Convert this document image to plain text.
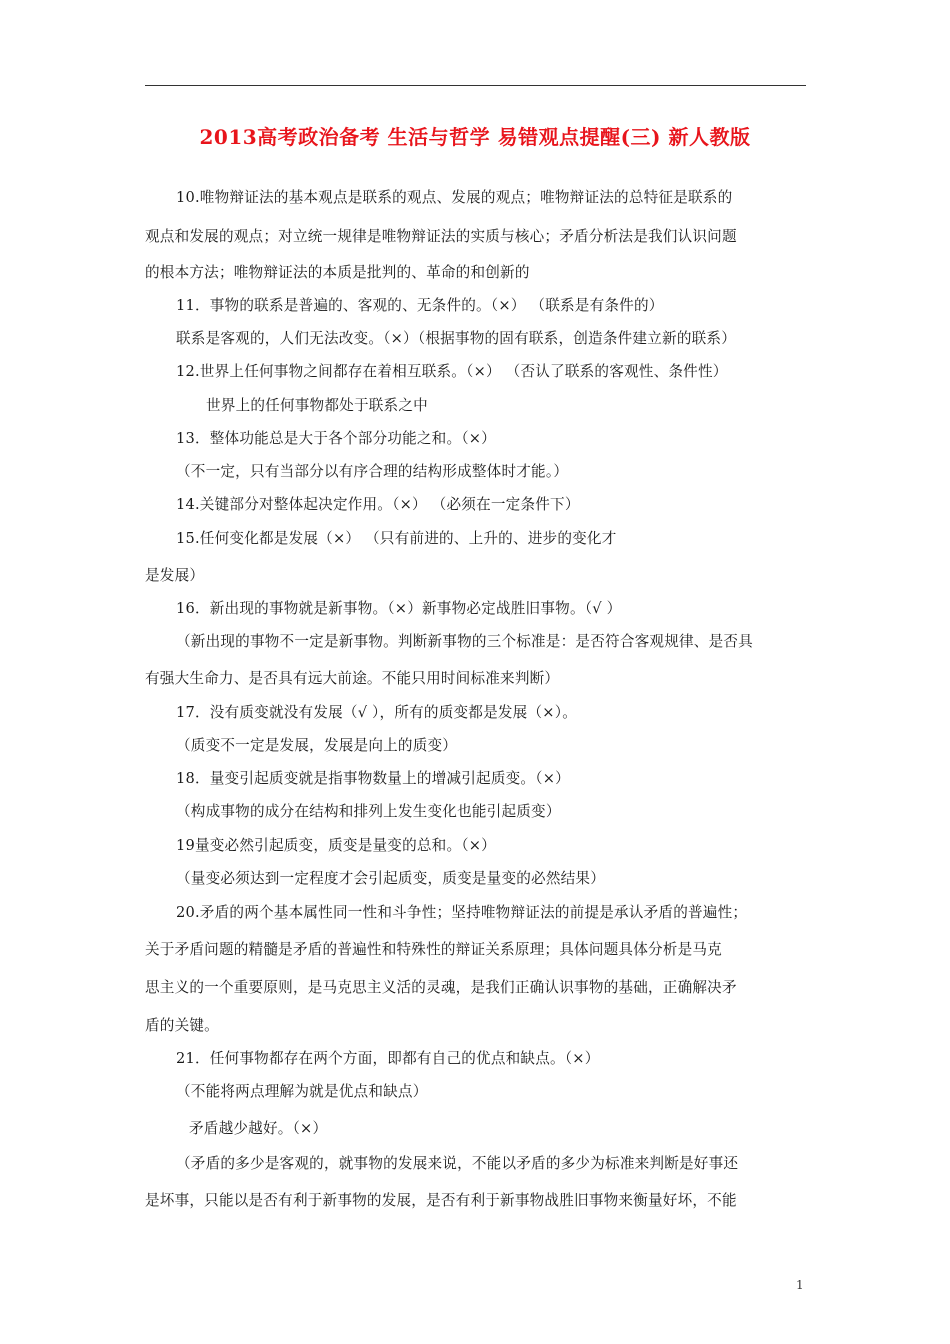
2013高考政治备考 生活与哲学 易错观点提醒(三) 新人教版
10.唯物辩证法的基本观点是联系的观点、发展的观点；唯物辩证法的总特征是联系的
观点和发展的观点；对立统一规律是唯物辩证法的实质与核心；矛盾分析法是我们认识问题
的根本方法；唯物辩证法的本质是批判的、革命的和创新的
11．事物的联系是普遍的、客观的、无条件的。（×） （联系是有条件的）
联系是客观的，人们无法改变。（×）（根据事物的固有联系，创造条件建立新的联系）
12.世界上任何事物之间都存在着相互联系。（×） （否认了联系的客观性、条件性）
世界上的任何事物都处于联系之中
13．整体功能总是大于各个部分功能之和。（×）
（不一定，只有当部分以有序合理的结构形成整体时才能。）
14.关键部分对整体起决定作用。（×） （必须在一定条件下）
15.任何变化都是发展（×） （只有前进的、上升的、进步的变化才
是发展）
16．新出现的事物就是新事物。（×）新事物必定战胜旧事物。（√ ）
（新出现的事物不一定是新事物。判断新事物的三个标准是：是否符合客观规律、是否具
有强大生命力、是否具有远大前途。不能只用时间标准来判断）
17．没有质变就没有发展（√ ），所有的质变都是发展（×）。
（质变不一定是发展，发展是向上的质变）
18．量变引起质变就是指事物数量上的增减引起质变。（×）
（构成事物的成分在结构和排列上发生变化也能引起质变）
19量变必然引起质变，质变是量变的总和。（×）
（量变必须达到一定程度才会引起质变，质变是量变的必然结果）
20.矛盾的两个基本属性同一性和斗争性；坚持唯物辩证法的前提是承认矛盾的普遍性；
关于矛盾问题的精髓是矛盾的普遍性和特殊性的辩证关系原理；具体问题具体分析是马克
思主义的一个重要原则，是马克思主义活的灵魂，是我们正确认识事物的基础，正确解决矛
盾的关键。
21．任何事物都存在两个方面，即都有自己的优点和缺点。（×）
（不能将两点理解为就是优点和缺点）
矛盾越少越好。（×）
（矛盾的多少是客观的，就事物的发展来说，不能以矛盾的多少为标准来判断是好事还
是坏事，只能以是否有利于新事物的发展，是否有利于新事物战胜旧事物来衡量好坏，不能
1
